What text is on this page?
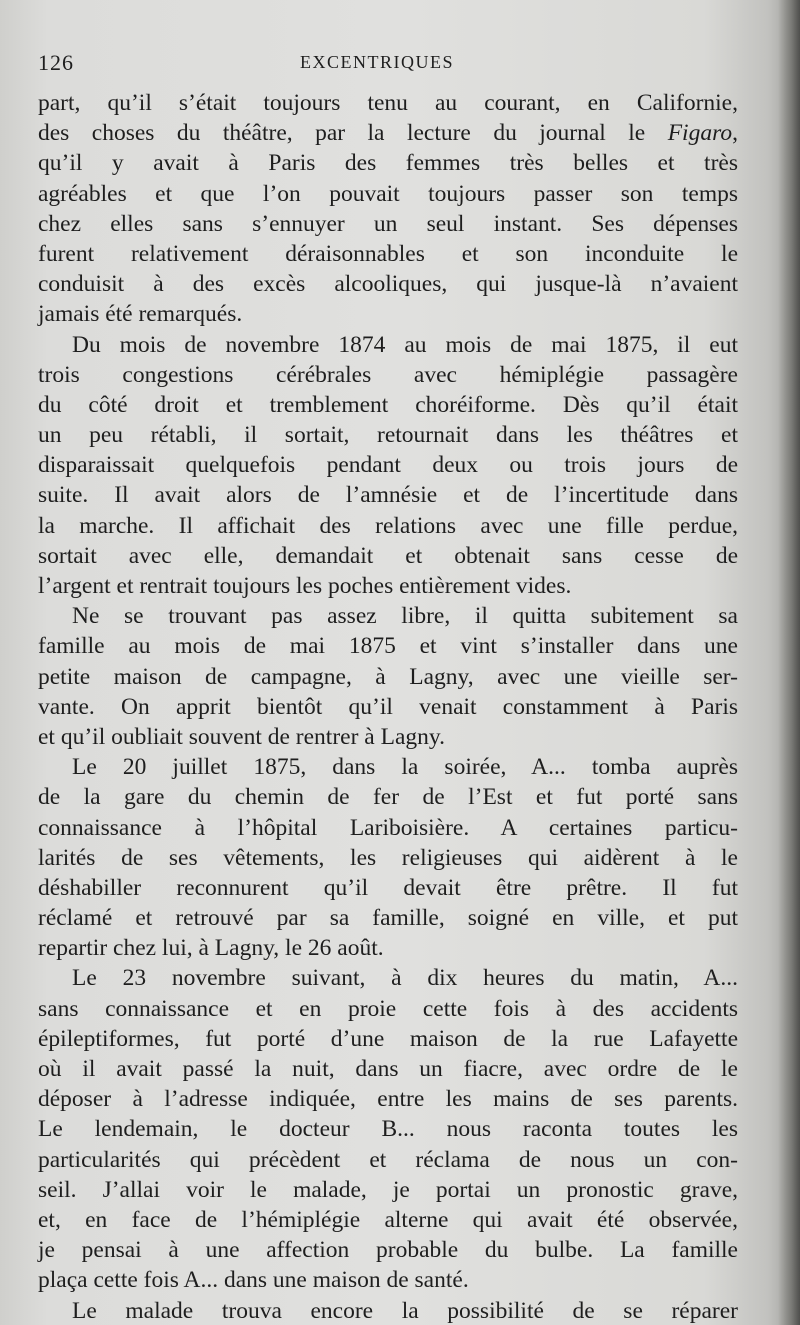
126	EXCENTRIQUES
part, qu’il s’était toujours tenu au courant, en Californie,
des choses du théâtre, par la lecture du journal le Figaro,
qu’il y avait à Paris des femmes très belles et très
agréables et que l’on pouvait toujours passer son temps
chez elles sans s’ennuyer un seul instant. Ses dépenses
furent relativement déraisonnables et son inconduite le
conduisit à des excès alcooliques, qui jusque-là n’avaient
jamais été remarqués.
Du mois de novembre 1874 au mois de mai 1875, il eut
trois congestions cérébrales avec hémiplégie passagère
du côté droit et tremblement choréiforme. Dès qu’il était
un peu rétabli, il sortait, retournait dans les théâtres et
disparaissait quelquefois pendant deux ou trois jours de
suite. Il avait alors de l’amnésie et de l’incertitude dans
la marche. Il affichait des relations avec une fille perdue,
sortait avec elle, demandait et obtenait sans cesse de
l’argent et rentrait toujours les poches entièrement vides.
Ne se trouvant pas assez libre, il quitta subitement sa
famille au mois de mai 1875 et vint s’installer dans une
petite maison de campagne, à Lagny, avec une vieille ser-
vante. On apprit bientôt qu’il venait constamment à Paris
et qu’il oubliait souvent de rentrer à Lagny.
Le 20 juillet 1875, dans la soirée, A... tomba auprès
de la gare du chemin de fer de l’Est et fut porté sans
connaissance à l’hôpital Lariboisière. A certaines particu-
larités de ses vêtements, les religieuses qui aidèrent à le
déshabiller reconnurent qu’il devait être prêtre. Il fut
réclamé et retrouvé par sa famille, soigné en ville, et put
repartir chez lui, à Lagny, le 26 août.
Le 23 novembre suivant, à dix heures du matin, A...
sans connaissance et en proie cette fois à des accidents
épileptiformes, fut porté d’une maison de la rue Lafayette
où il avait passé la nuit, dans un fiacre, avec ordre de le
déposer à l’adresse indiquée, entre les mains de ses parents.
Le lendemain, le docteur B... nous raconta toutes les
particularités qui précèdent et réclama de nous un con-
seil. J’allai voir le malade, je portai un pronostic grave,
et, en face de l’hémiplégie alterne qui avait été observée,
je pensai à une affection probable du bulbe. La famille
plaça cette fois A... dans une maison de santé.
Le malade trouva encore la possibilité de se réparer
